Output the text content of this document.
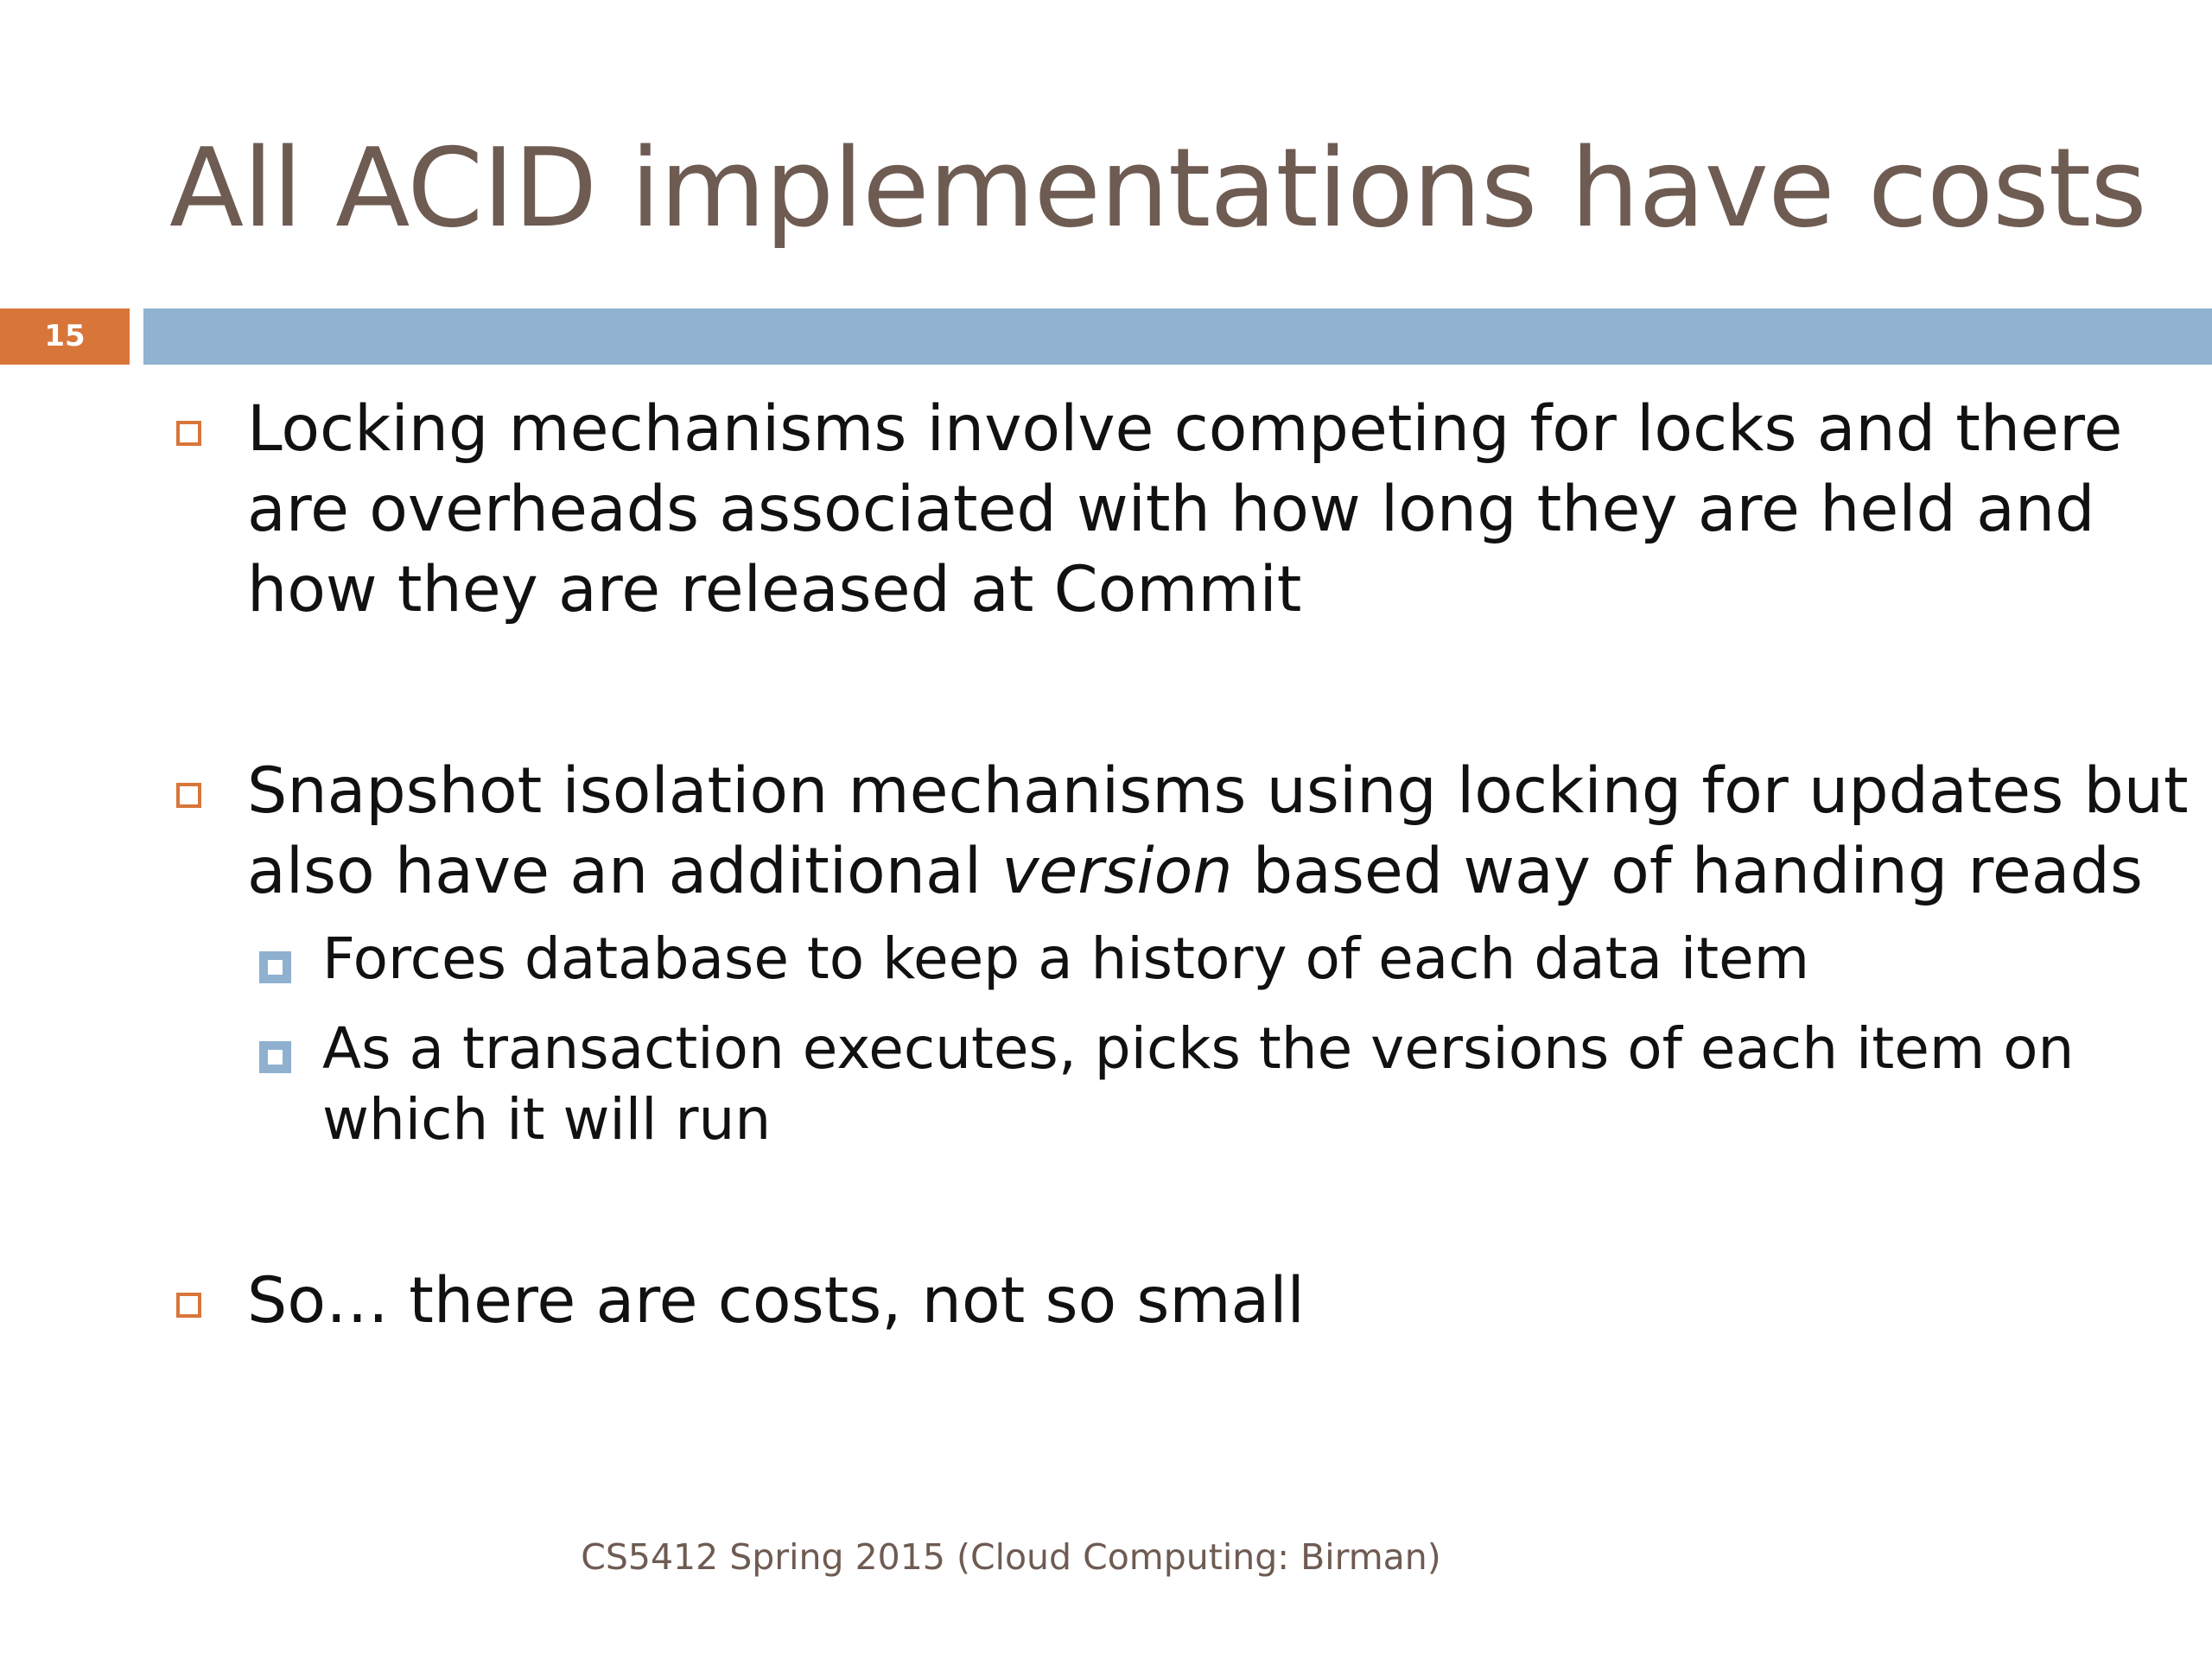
All ACID implementations have costs
15
Locking mechanisms involve competing for locks and there are overheads associated with how long they are held and how they are released at Commit
Snapshot isolation mechanisms using locking for updates but also have an additional version based way of handing reads
Forces database to keep a history of each data item
As a transaction executes, picks the versions of each item on which it will run
So… there are costs, not so small
CS5412 Spring 2015 (Cloud Computing: Birman)
